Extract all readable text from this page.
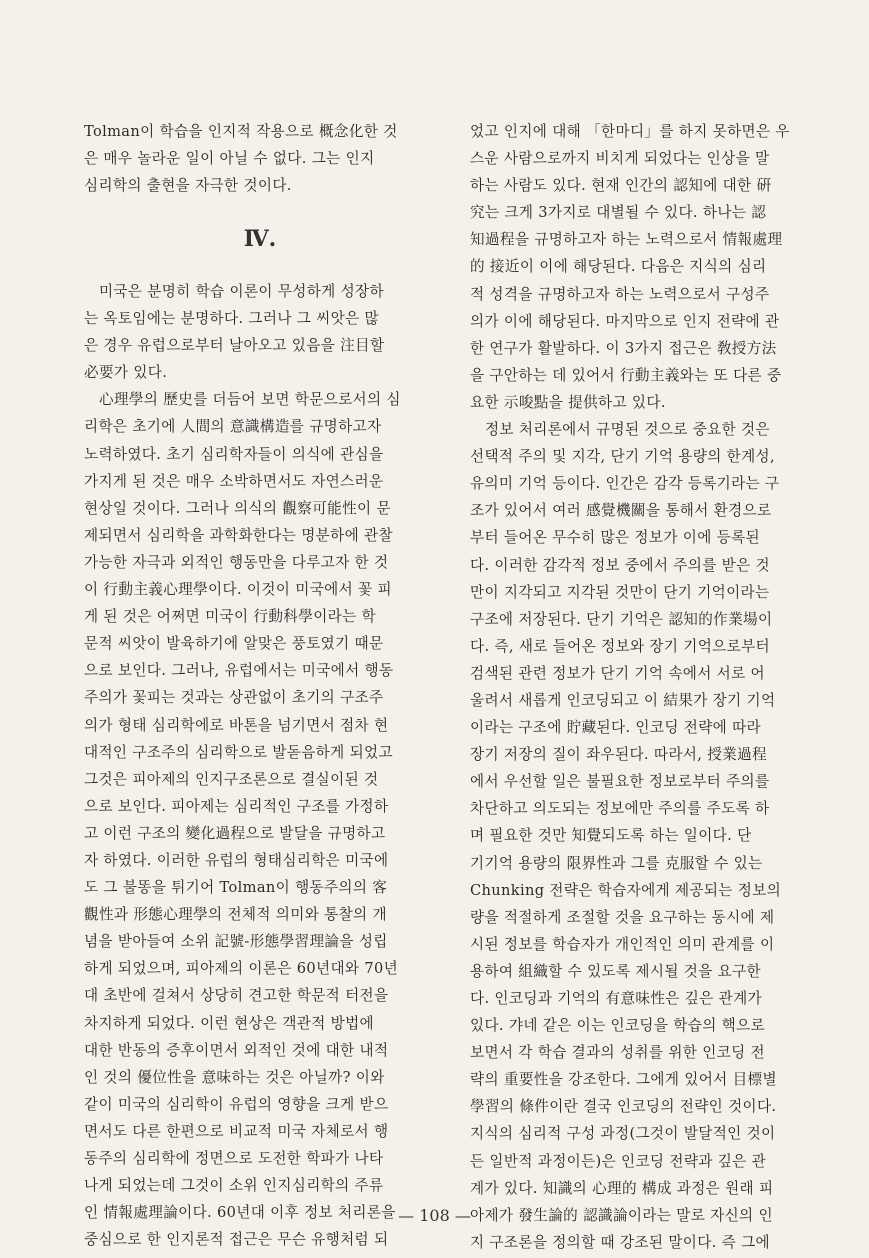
Tolman이 학습을 인지적 작용으로 概念化한 것
은 매우 놀라운 일이 아닐 수 없다. 그는 인지
심리학의 출현을 자극한 것이다.
Ⅳ.
　미국은 분명히 학습 이론이 무성하게 성장하
는 옥토임에는 분명하다. 그러나 그 씨앗은 많
은 경우 유럽으로부터 날아오고 있음을 注目할
必要가 있다.
　心理學의 歷史를 더듬어 보면 학문으로서의 심
리학은 초기에 人間의 意識構造를 규명하고자
노력하였다. 초기 심리학자들이 의식에 관심을
가지게 된 것은 매우 소박하면서도 자연스러운
현상일 것이다. 그러나 의식의 觀察可能性이 문
제되면서 심리학을 과학화한다는 명분하에 관찰
가능한 자극과 외적인 행동만을 다루고자 한 것
이 行動主義心理學이다. 이것이 미국에서 꽃 피
게 된 것은 어쩌면 미국이 行動科學이라는 학
문적 씨앗이 발육하기에 알맞은 풍토였기 때문
으로 보인다. 그러나, 유럽에서는 미국에서 행동
주의가 꽃피는 것과는 상관없이 초기의 구조주
의가 형태 심리학에로 바톤을 넘기면서 점차 현
대적인 구조주의 심리학으로 발돋음하게 되었고
그것은 피아제의 인지구조론으로 결실이된 것
으로 보인다. 피아제는 심리적인 구조를 가정하
고 이런 구조의 變化過程으로 발달을 규명하고
자 하였다. 이러한 유럽의 형태심리학은 미국에
도 그 불똥을 튀기어 Tolman이 행동주의의 客
觀性과 形態心理學의 전체적 의미와 통찰의 개
념을 받아들여 소위 記號-形態學習理論을 성립
하게 되었으며, 피아제의 이론은 60년대와 70년
대 초반에 걸쳐서 상당히 견고한 학문적 터전을
차지하게 되었다. 이런 현상은 객관적 방법에
대한 반동의 증후이면서 외적인 것에 대한 내적
인 것의 優位性을 意味하는 것은 아닐까? 이와
같이 미국의 심리학이 유럽의 영향을 크게 받으
면서도 다른 한편으로 비교적 미국 자체로서 행
동주의 심리학에 정면으로 도전한 학파가 나타
나게 되었는데 그것이 소위 인지심리학의 주류
인 情報處理論이다. 60년대 이후 정보 처리론을
중심으로 한 인지론적 접근은 무슨 유행처럼 되
었고 인지에 대해 「한마디」를 하지 못하면은 우
스운 사람으로까지 비치게 되었다는 인상을 말
하는 사람도 있다. 현재 인간의 認知에 대한 硏
究는 크게 3가지로 대별될 수 있다. 하나는 認
知過程을 규명하고자 하는 노력으로서 情報處理
的 接近이 이에 해당된다. 다음은 지식의 심리
적 성격을 규명하고자 하는 노력으로서 구성주
의가 이에 해당된다. 마지막으로 인지 전략에 관
한 연구가 활발하다. 이 3가지 접근은 敎授方法
을 구안하는 데 있어서 行動主義와는 또 다른 중
요한 示唆點을 提供하고 있다.
　정보 처리론에서 규명된 것으로 중요한 것은
선택적 주의 및 지각, 단기 기억 용량의 한계성,
유의미 기억 등이다. 인간은 감각 등록기라는 구
조가 있어서 여러 感覺機關을 통해서 환경으로
부터 들어온 무수히 많은 정보가 이에 등록된
다. 이러한 감각적 정보 중에서 주의를 받은 것
만이 지각되고 지각된 것만이 단기 기억이라는
구조에 저장된다. 단기 기억은 認知的作業場이
다. 즉, 새로 들어온 정보와 장기 기억으로부터
검색된 관련 정보가 단기 기억 속에서 서로 어
울려서 새롭게 인코딩되고 이 結果가 장기 기억
이라는 구조에 貯藏된다. 인코딩 전략에 따라
장기 저장의 질이 좌우된다. 따라서, 授業過程
에서 우선할 일은 불필요한 정보로부터 주의를
차단하고 의도되는 정보에만 주의를 주도록 하
며 필요한 것만 知覺되도록 하는 일이다. 단
기기억 용량의 限界性과 그를 克服할 수 있는
Chunking 전략은 학습자에게 제공되는 정보의
량을 적절하게 조절할 것을 요구하는 동시에 제
시된 정보를 학습자가 개인적인 의미 관계를 이
용하여 組織할 수 있도록 제시될 것을 요구한
다. 인코딩과 기억의 有意味性은 깊은 관계가
있다. 갸네 같은 이는 인코딩을 학습의 핵으로
보면서 각 학습 결과의 성취를 위한 인코딩 전
략의 重要性을 강조한다. 그에게 있어서 目標별
學習의 條件이란 결국 인코딩의 전략인 것이다.
지식의 심리적 구성 과정(그것이 발달적인 것이
든 일반적 과정이든)은 인코딩 전략과 깊은 관
계가 있다. 知識의 心理的 構成 과정은 원래 피
아제가 發生論的 認識論이라는 말로 자신의 인
지 구조론을 정의할 때 강조된 말이다. 즉 그에
— 108 —
